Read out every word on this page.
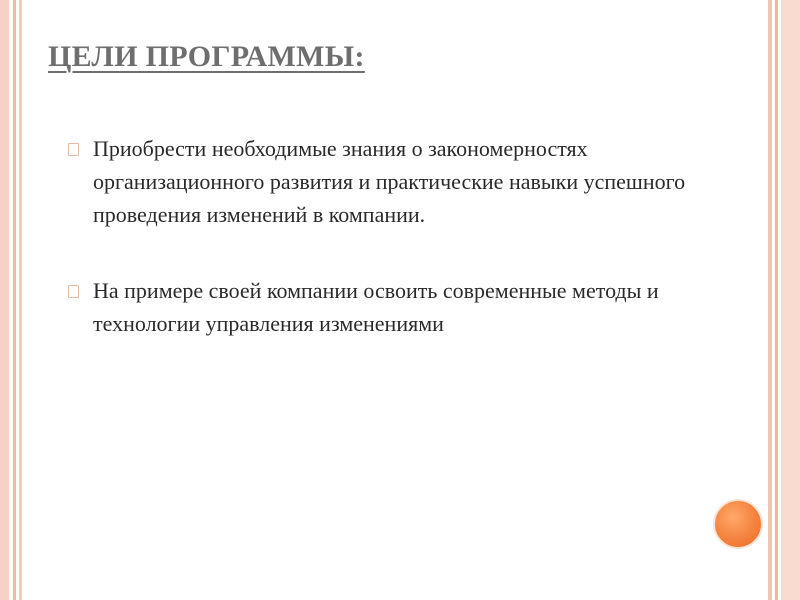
ЦЕЛИ ПРОГРАММЫ:
Приобрести необходимые знания о закономерностях организационного развития и практические навыки успешного проведения изменений в компании.
На примере своей компании освоить современные методы и технологии управления изменениями
